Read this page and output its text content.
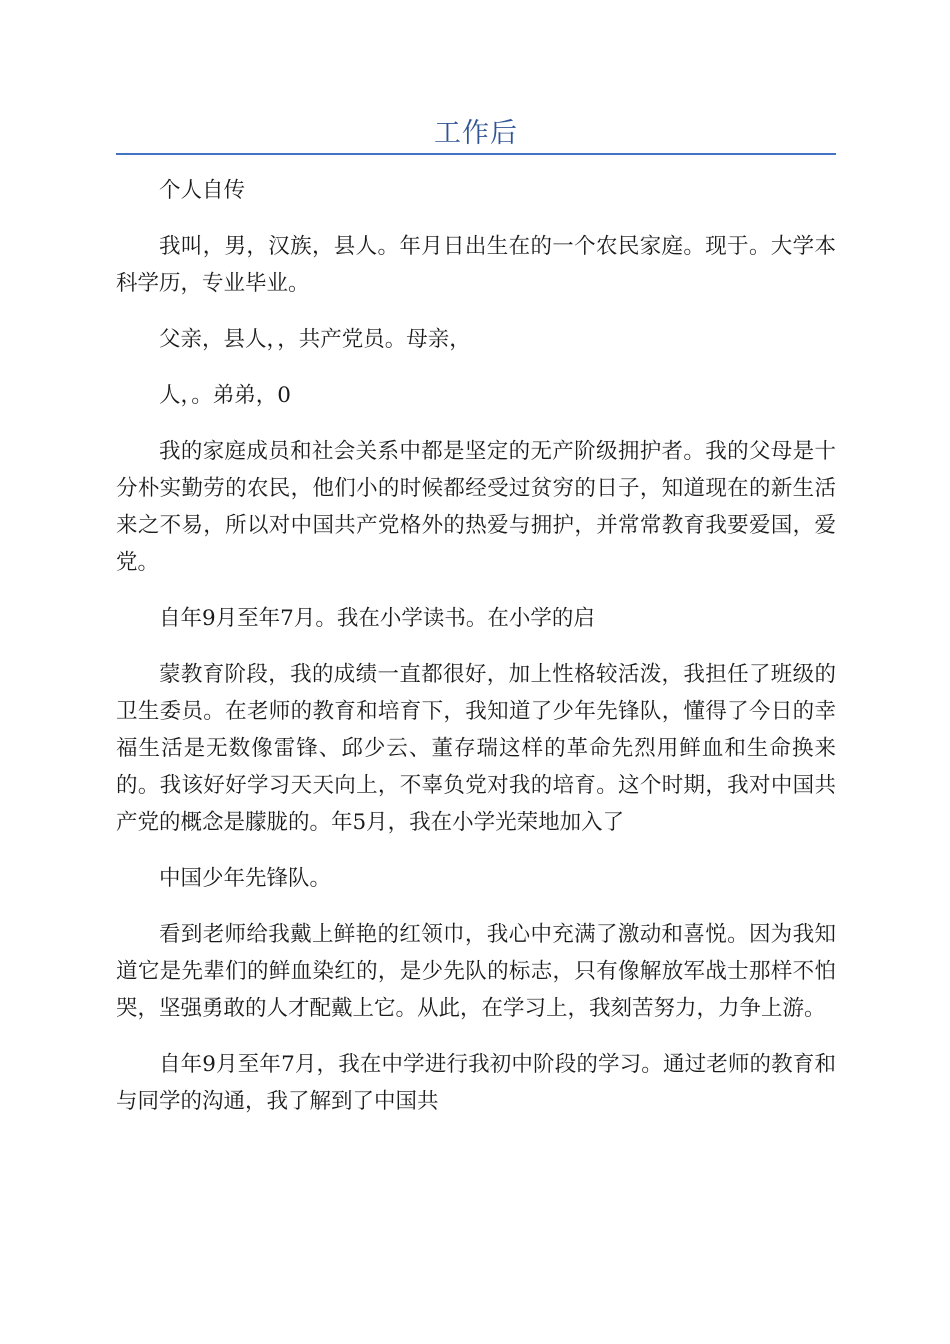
工作后

个人自传

我叫，男，汉族，县人。年月日出生在的一个农民家庭。现于。大学本科学历，专业毕业。

父亲，县人，，共产党员。母亲，

人，。弟弟，0

我的家庭成员和社会关系中都是坚定的无产阶级拥护者。我的父母是十分朴实勤劳的农民，他们小的时候都经受过贫穷的日子，知道现在的新生活来之不易，所以对中国共产党格外的热爱与拥护，并常常教育我要爱国，爱党。

自年9月至年7月。我在小学读书。在小学的启

蒙教育阶段，我的成绩一直都很好，加上性格较活泼，我担任了班级的卫生委员。在老师的教育和培育下，我知道了少年先锋队，懂得了今日的幸福生活是无数像雷锋、邱少云、董存瑞这样的革命先烈用鲜血和生命换来的。我该好好学习天天向上，不辜负党对我的培育。这个时期，我对中国共产党的概念是朦胧的。年5月，我在小学光荣地加入了

中国少年先锋队。

看到老师给我戴上鲜艳的红领巾，我心中充满了激动和喜悦。因为我知道它是先辈们的鲜血染红的，是少先队的标志，只有像解放军战士那样不怕哭，坚强勇敢的人才配戴上它。从此，在学习上，我刻苦努力，力争上游。

自年9月至年7月，我在中学进行我初中阶段的学习。通过老师的教育和与同学的沟通，我了解到了中国共
